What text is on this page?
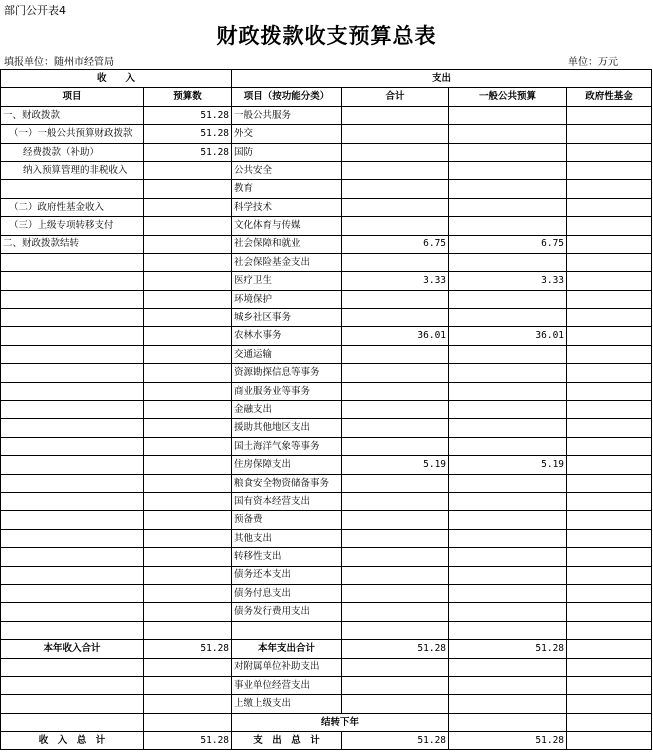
部门公开表4
财政拨款收支预算总表
填报单位：随州市经管局	单位：万元
收　　入		支出			
项目	预算数	项目（按功能分类）	合计	一般公共预算	政府性基金
一、财政拨款	51.28	一般公共服务			
（一）一般公共预算财政拨款	51.28	外交			
经费拨款（补助）	51.28	国防			
纳入预算管理的非税收入		公共安全			
		教育			
（二）政府性基金收入		科学技术			
（三）上级专项转移支付		文化体育与传媒			
二、财政拨款结转		社会保障和就业	6.75	6.75	
		社会保险基金支出			
		医疗卫生	3.33	3.33	
		环境保护			
		城乡社区事务			
		农林水事务	36.01	36.01	
		交通运输			
		资源勘探信息等事务			
		商业服务业等事务			
		金融支出			
		援助其他地区支出			
		国土海洋气象等事务			
		住房保障支出	5.19	5.19	
		粮食安全物资储备事务			
		国有资本经营支出			
		预备费			
		其他支出			
		转移性支出			
		债务还本支出			
		债务付息支出			
		债务发行费用支出			

本年收入合计	51.28	本年支出合计	51.28	51.28	
		对附属单位补助支出			
		事业单位经营支出			
		上缴上级支出			
		结转下年			
收　入　总　计	51.28	支　出　总　计	51.28	51.28	
